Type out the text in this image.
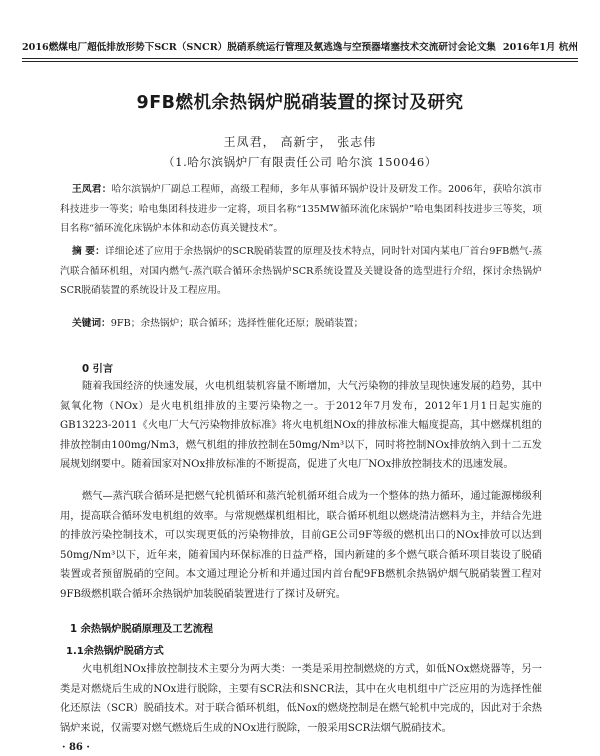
2016燃煤电厂超低排放形势下SCR（SNCR）脱硝系统运行管理及氨逃逸与空预器堵塞技术交流研讨会论文集 2016年1月 杭州
9FB燃机余热锅炉脱硝装置的探讨及研究
王凤君， 高新宇， 张志伟
（1.哈尔滨锅炉厂有限责任公司 哈尔滨 150046）

王凤君：哈尔滨锅炉厂副总工程师，高级工程师，多年从事循环锅炉设计及研发工作。2006年，获哈尔滨市科技进步一等奖；哈电集团科技进步一定将，项目名称“135MW循环流化床锅炉”哈电集团科技进步三等奖，项目名称“循环流化床锅炉本体和动态仿真关键技术”。

摘 要：详细论述了应用于余热锅炉的SCR脱硝装置的原理及技术特点，同时针对国内某电厂首台9FB燃气-蒸汽联合循环机组，对国内燃气-蒸汽联合循环余热锅炉SCR系统设置及关键设备的选型进行介绍，探讨余热锅炉SCR脱硝装置的系统设计及工程应用。

关键词：9FB；余热锅炉；联合循环；选择性催化还原；脱硝装置；

0 引言

随着我国经济的快速发展，火电机组装机容量不断增加，大气污染物的排放呈现快速发展的趋势，其中氮氧化物（NOx）是火电机组排放的主要污染物之一。于2012年7月发布，2012年1月1日起实施的GB13223-2011《火电厂大气污染物排放标准》将火电机组NOx的排放标准大幅度提高，其中燃煤机组的排放控制由100mg/Nm3，燃气机组的排放控制在50mg/Nm³以下，同时将控制NOx排放纳入到十二五发展规划纲要中。随着国家对NOx排放标准的不断提高，促进了火电厂NOx排放控制技术的迅速发展。

燃气—蒸汽联合循环是把燃气轮机循环和蒸汽轮机循环组合成为一个整体的热力循环，通过能源梯级利用，提高联合循环发电机组的效率。与常规燃煤机组相比，联合循环机组以燃烧清洁燃料为主，并结合先进的排放污染控制技术，可以实现更低的污染物排放，目前GE公司9F等级的燃机出口的NOx排放可以达到50mg/Nm³以下，近年来，随着国内环保标准的日益严格，国内新建的多个燃气联合循环项目装设了脱硝装置或者预留脱硝的空间。本文通过理论分析和并通过国内首台配9FB燃机余热锅炉烟气脱硝装置工程对9FB级燃机联合循环余热锅炉加装脱硝装置进行了探讨及研究。

1 余热锅炉脱硝原理及工艺流程

1.1余热锅炉脱硝方式

火电机组NOx排放控制技术主要分为两大类：一类是采用控制燃烧的方式，如低NOx燃烧器等，另一类是对燃烧后生成的NOx进行脱除，主要有SCR法和SNCR法，其中在火电机组中广泛应用的为选择性催化还原法（SCR）脱硝技术。对于联合循环机组，低Nox的燃烧控制是在燃气轮机中完成的，因此对于余热锅炉来说，仅需要对燃气燃烧后生成的NOx进行脱除，一般采用SCR法烟气脱硝技术。

· 86 ·
